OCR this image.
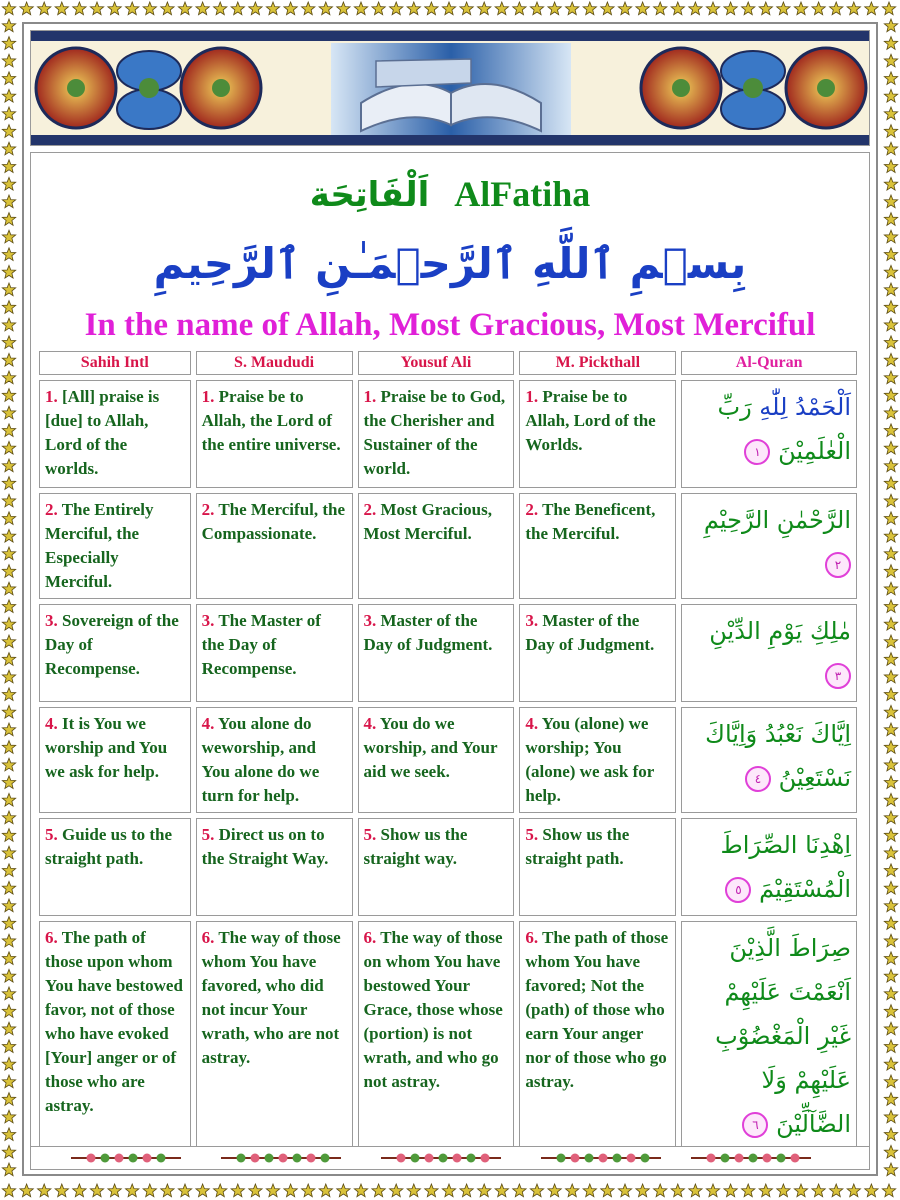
اَلْفَاتِحَة AlFatiha
بِسۡمِ ٱللَّهِ ٱلرَّحۡمَـٰنِ ٱلرَّحِيمِ
In the name of Allah, Most Gracious, Most Merciful
Sahih Intl	S. Maududi	Yousuf Ali	M. Pickthall	Al-Quran
1. [All] praise is [due] to Allah, Lord of the worlds.	1. Praise be to Allah, the Lord of the entire universe.	1. Praise be to God, the Cherisher and Sustainer of the world.	1. Praise be to Allah, Lord of the Worlds.	اَلْحَمْدُ لِلّٰهِ رَبِّ الْعٰلَمِيْنَ ١
2. The Entirely Merciful, the Especially Merciful.	2. The Merciful, the Compassionate.	2. Most Gracious, Most Merciful.	2. The Beneficent, the Merciful.	الرَّحْمٰنِ الرَّحِيْمِ ٢
3. Sovereign of the Day of Recompense.	3. The Master of the Day of Recompense.	3. Master of the Day of Judgment.	3. Master of the Day of Judgment.	مٰلِكِ يَوْمِ الدِّيْنِ ٣
4. It is You we worship and You we ask for help.	4. You alone do weworship, and You alone do we turn for help.	4. You do we worship, and Your aid we seek.	4. You (alone) we worship; You (alone) we ask for help.	اِيَّاكَ نَعْبُدُ وَاِيَّاكَ نَسْتَعِيْنُ ٤
5. Guide us to the straight path.	5. Direct us on to the Straight Way.	5. Show us the straight way.	5. Show us the straight path.	اِهْدِنَا الصِّرَاطَ الْمُسْتَقِيْمَ ٥
6. The path of those upon whom You have bestowed favor, not of those who have evoked [Your] anger or of those who are astray.	6. The way of those whom You have favored, who did not incur Your wrath, who are not astray.	6. The way of those on whom You have bestowed Your Grace, those whose (portion) is not wrath, and who go not astray.	6. The path of those whom You have favored; Not the (path) of those who earn Your anger nor of those who go astray.	صِرَاطَ الَّذِيْنَ اَنْعَمْتَ عَلَيْهِمْ غَيْرِ الْمَغْضُوْبِ عَلَيْهِمْ وَلَا الضَّآلِّيْنَ ٦
